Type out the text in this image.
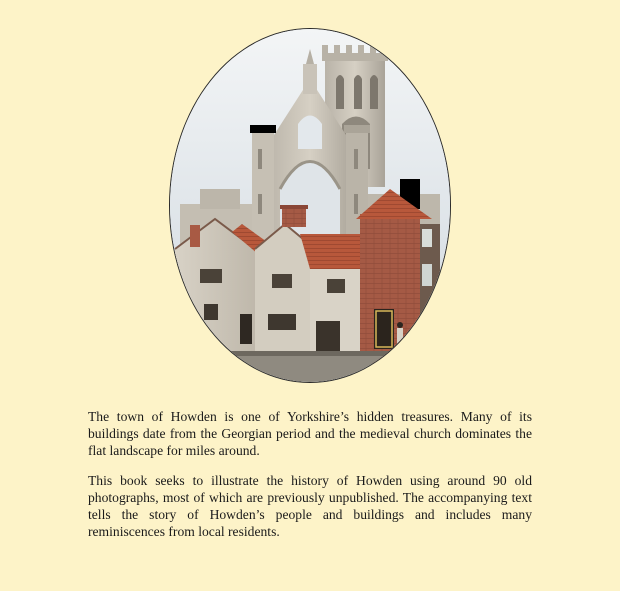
The town of Howden is one of Yorkshire’s hidden treasures. Many of its buildings date from the Georgian period and the medieval church dominates the flat landscape for miles around.

This book seeks to illustrate the history of Howden using around 90 old photographs, most of which are previously unpublished. The accompanying text tells the story of Howden’s people and buildings and includes many reminiscences from local residents.
